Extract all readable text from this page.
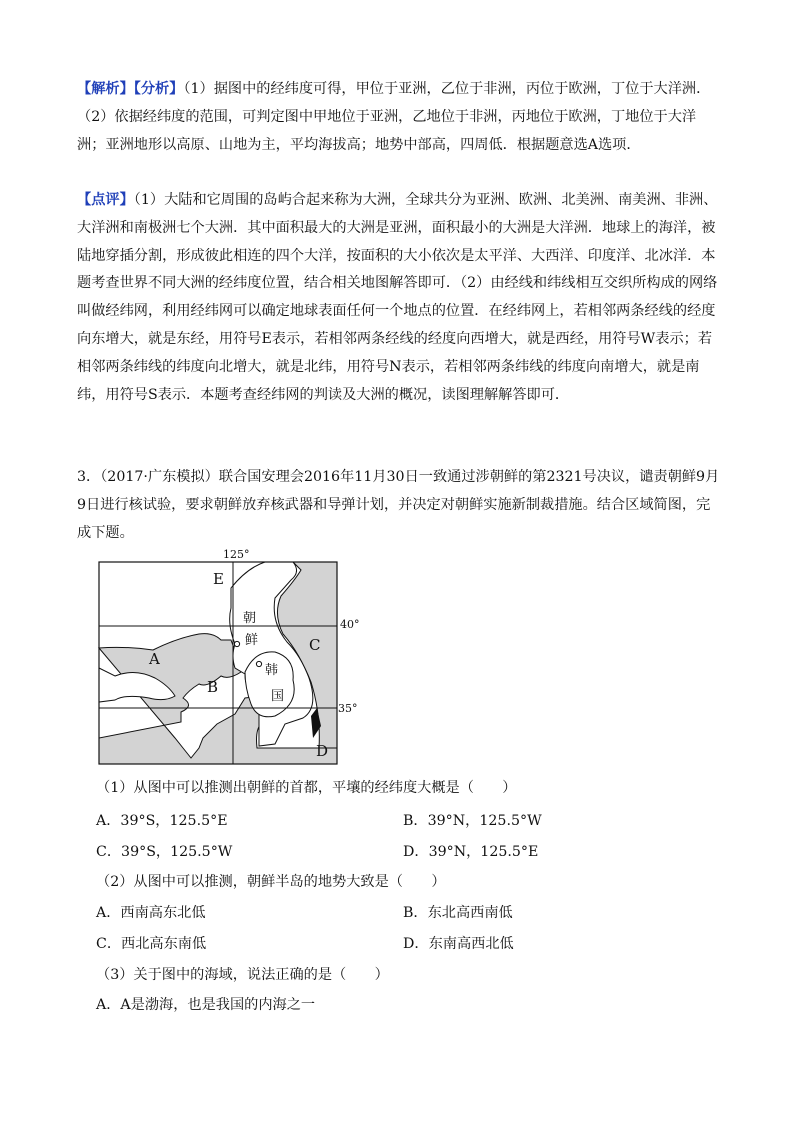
【解析】【分析】（1）据图中的经纬度可得，甲位于亚洲，乙位于非洲，丙位于欧洲，丁位于大洋洲．（2）依据经纬度的范围，可判定图中甲地位于亚洲，乙地位于非洲，丙地位于欧洲，丁地位于大洋洲；亚洲地形以高原、山地为主，平均海拔高；地势中部高，四周低．根据题意选A选项．

【点评】（1）大陆和它周围的岛屿合起来称为大洲，全球共分为亚洲、欧洲、北美洲、南美洲、非洲、大洋洲和南极洲七个大洲．其中面积最大的大洲是亚洲，面积最小的大洲是大洋洲．地球上的海洋，被陆地穿插分割，形成彼此相连的四个大洋，按面积的大小依次是太平洋、大西洋、印度洋、北冰洋．本题考查世界不同大洲的经纬度位置，结合相关地图解答即可．（2）由经线和纬线相互交织所构成的网络叫做经纬网，利用经纬网可以确定地球表面任何一个地点的位置．在经纬网上，若相邻两条经线的经度向东增大，就是东经，用符号E表示，若相邻两条经线的经度向西增大，就是西经，用符号W表示；若相邻两条纬线的纬度向北增大，就是北纬，用符号N表示，若相邻两条纬线的纬度向南增大，就是南纬，用符号S表示．本题考查经纬网的判读及大洲的概况，读图理解解答即可．

3．（2017·广东模拟）联合国安理会2016年11月30日一致通过涉朝鲜的第2321号决议，谴责朝鲜9月9日进行核试验，要求朝鲜放弃核武器和导弹计划，并决定对朝鲜实施新制裁措施。结合区域简图，完成下题。

125°
40°
35°
E
A
B
C
D
朝
鲜
韩
国

（1）从图中可以推测出朝鲜的首都，平壤的经纬度大概是（　　）

A．39°S，125.5°E	B．39°N，125.5°W

C．39°S，125.5°W	D．39°N，125.5°E

（2）从图中可以推测，朝鲜半岛的地势大致是（　　）

A．西南高东北低	B．东北高西南低

C．西北高东南低	D．东南高西北低

（3）关于图中的海域，说法正确的是（　　）

A．A是渤海，也是我国的内海之一
